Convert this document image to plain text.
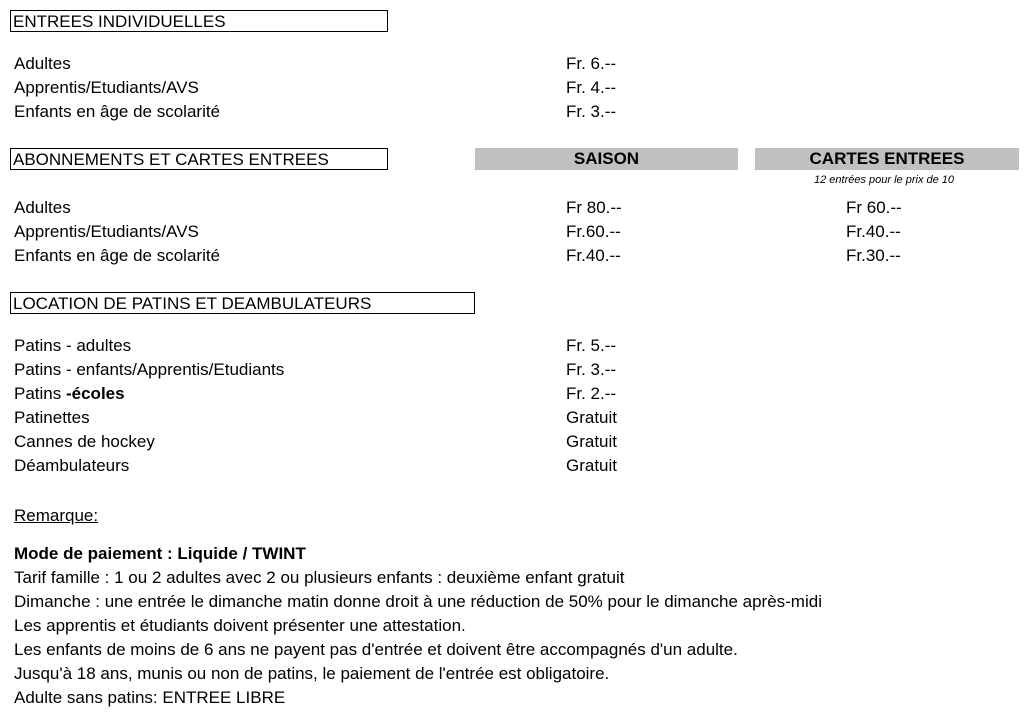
ENTREES INDIVIDUELLES
Adultes	Fr. 6.--
Apprentis/Etudiants/AVS	Fr. 4.--
Enfants en âge de scolarité	Fr. 3.--
ABONNEMENTS ET CARTES ENTREES	SAISON	CARTES ENTREES
12 entrées pour le prix de 10
Adultes	Fr 80.--	Fr 60.--
Apprentis/Etudiants/AVS	Fr.60.--	Fr.40.--
Enfants en âge de scolarité	Fr.40.--	Fr.30.--
LOCATION DE PATINS ET DEAMBULATEURS
Patins - adultes	Fr. 5.--
Patins - enfants/Apprentis/Etudiants	Fr. 3.--
Patins -écoles	Fr. 2.--
Patinettes	Gratuit
Cannes de hockey	Gratuit
Déambulateurs	Gratuit
Remarque:
Mode de paiement : Liquide / TWINT
Tarif famille : 1 ou 2 adultes avec 2 ou plusieurs enfants : deuxième enfant gratuit
Dimanche : une entrée le dimanche matin donne droit à une réduction de 50% pour le dimanche après-midi
Les apprentis et étudiants doivent présenter une attestation.
Les enfants de moins de 6 ans ne payent pas d'entrée et doivent être accompagnés d'un adulte.
Jusqu'à 18 ans, munis ou non de patins, le paiement de l'entrée est obligatoire.
Adulte sans patins: ENTREE LIBRE
